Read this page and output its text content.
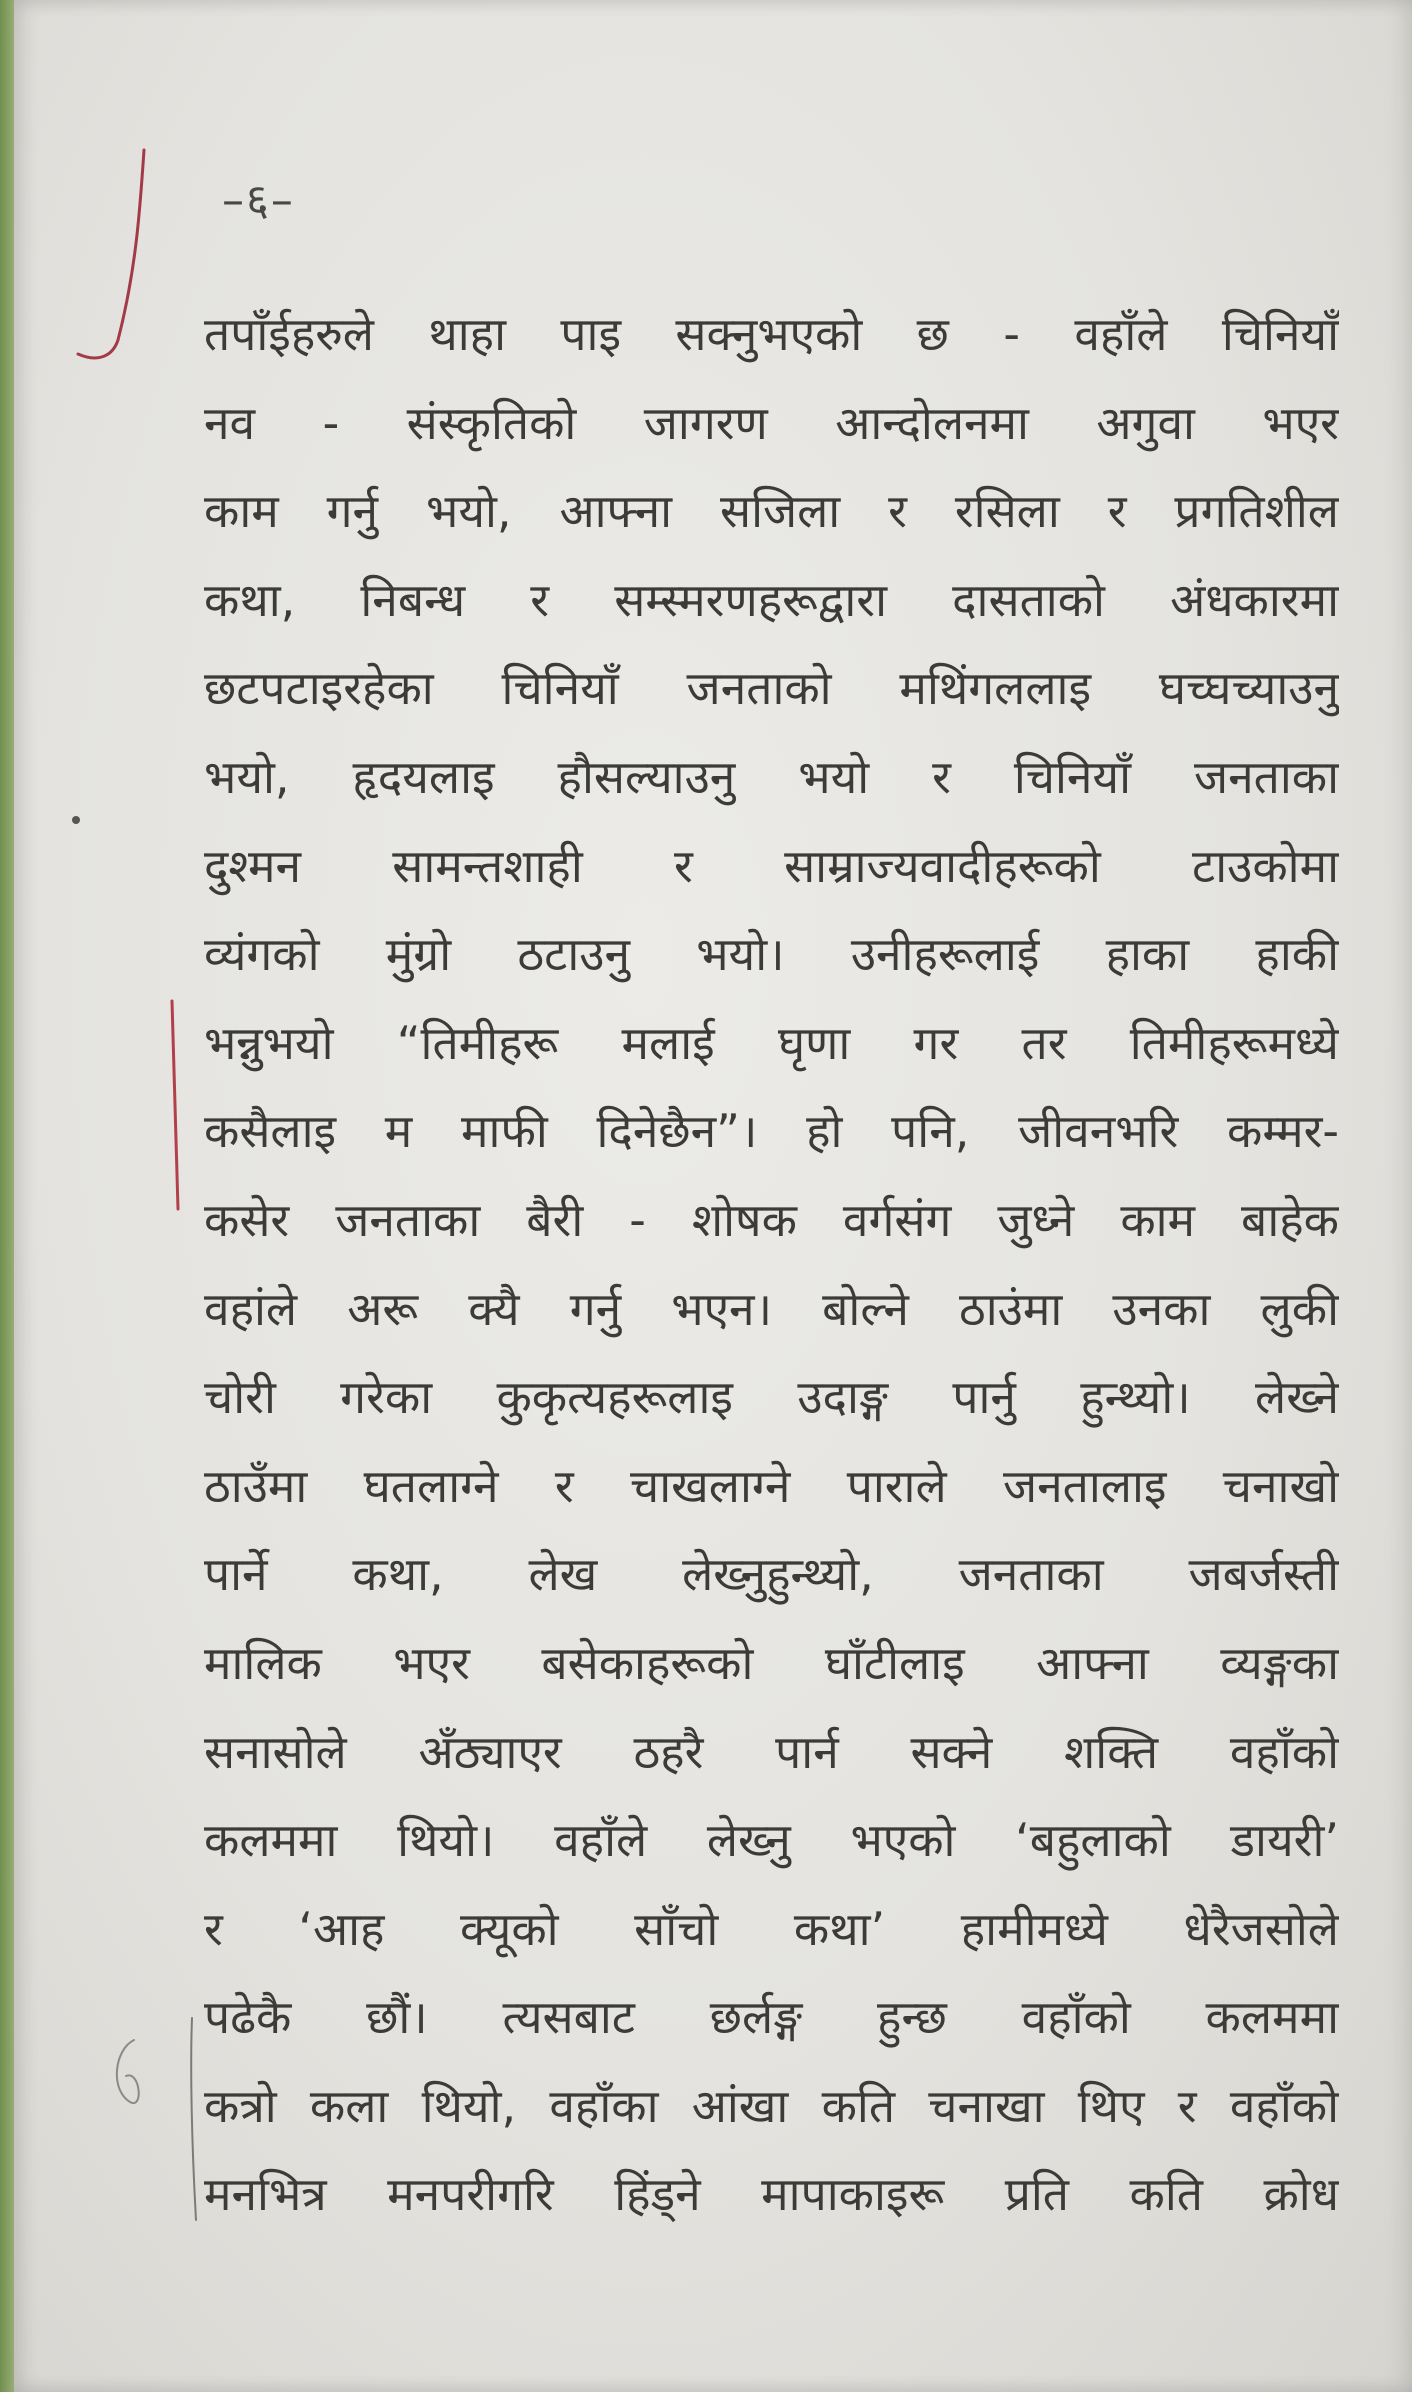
–६–
तपाँईहरुले थाहा पाइ सक्नुभएको छ - वहाँले चिनियाँ
नव - संस्कृतिको जागरण आन्दोलनमा अगुवा भएर
काम गर्नु भयो, आफ्ना सजिला र रसिला र प्रगतिशील
कथा, निबन्ध र सम्स्मरणहरूद्वारा दासताको अंधकारमा
छटपटाइरहेका चिनियाँ जनताको मथिंगललाइ घच्घच्याउनु
भयो, हृदयलाइ हौसल्याउनु भयो र चिनियाँ जनताका
दुश्मन सामन्तशाही र साम्राज्यवादीहरूको टाउकोमा
व्यंगको मुंग्रो ठटाउनु भयो। उनीहरूलाई हाका हाकी
भन्नुभयो “तिमीहरू मलाई घृणा गर तर तिमीहरूमध्ये
कसैलाइ म माफी दिनेछैन”। हो पनि, जीवनभरि कम्मर-
कसेर जनताका बैरी - शोषक वर्गसंग जुध्ने काम बाहेक
वहांले अरू क्यै गर्नु भएन। बोल्ने ठाउंमा उनका लुकी
चोरी गरेका कुकृत्यहरूलाइ उदाङ्ग पार्नु हुन्थ्यो। लेख्ने
ठाउँमा घतलाग्ने र चाखलाग्ने पाराले जनतालाइ चनाखो
पार्ने कथा, लेख लेख्नुहुन्थ्यो, जनताका जबर्जस्ती
मालिक भएर बसेकाहरूको घाँटीलाइ आफ्ना व्यङ्गका
सनासोले अँठ्याएर ठहरै पार्न सक्ने शक्ति वहाँको
कलममा थियो। वहाँले लेख्नु भएको ‘बहुलाको डायरी’
र ‘आह क्यूको साँचो कथा’ हामीमध्ये धेरैजसोले
पढेकै छौं। त्यसबाट छर्लङ्ग हुन्छ वहाँको कलममा
कत्रो कला थियो, वहाँका आंखा कति चनाखा थिए र वहाँको
मनभित्र मनपरीगरि हिंड्ने मापाकाइरू प्रति कति क्रोध
